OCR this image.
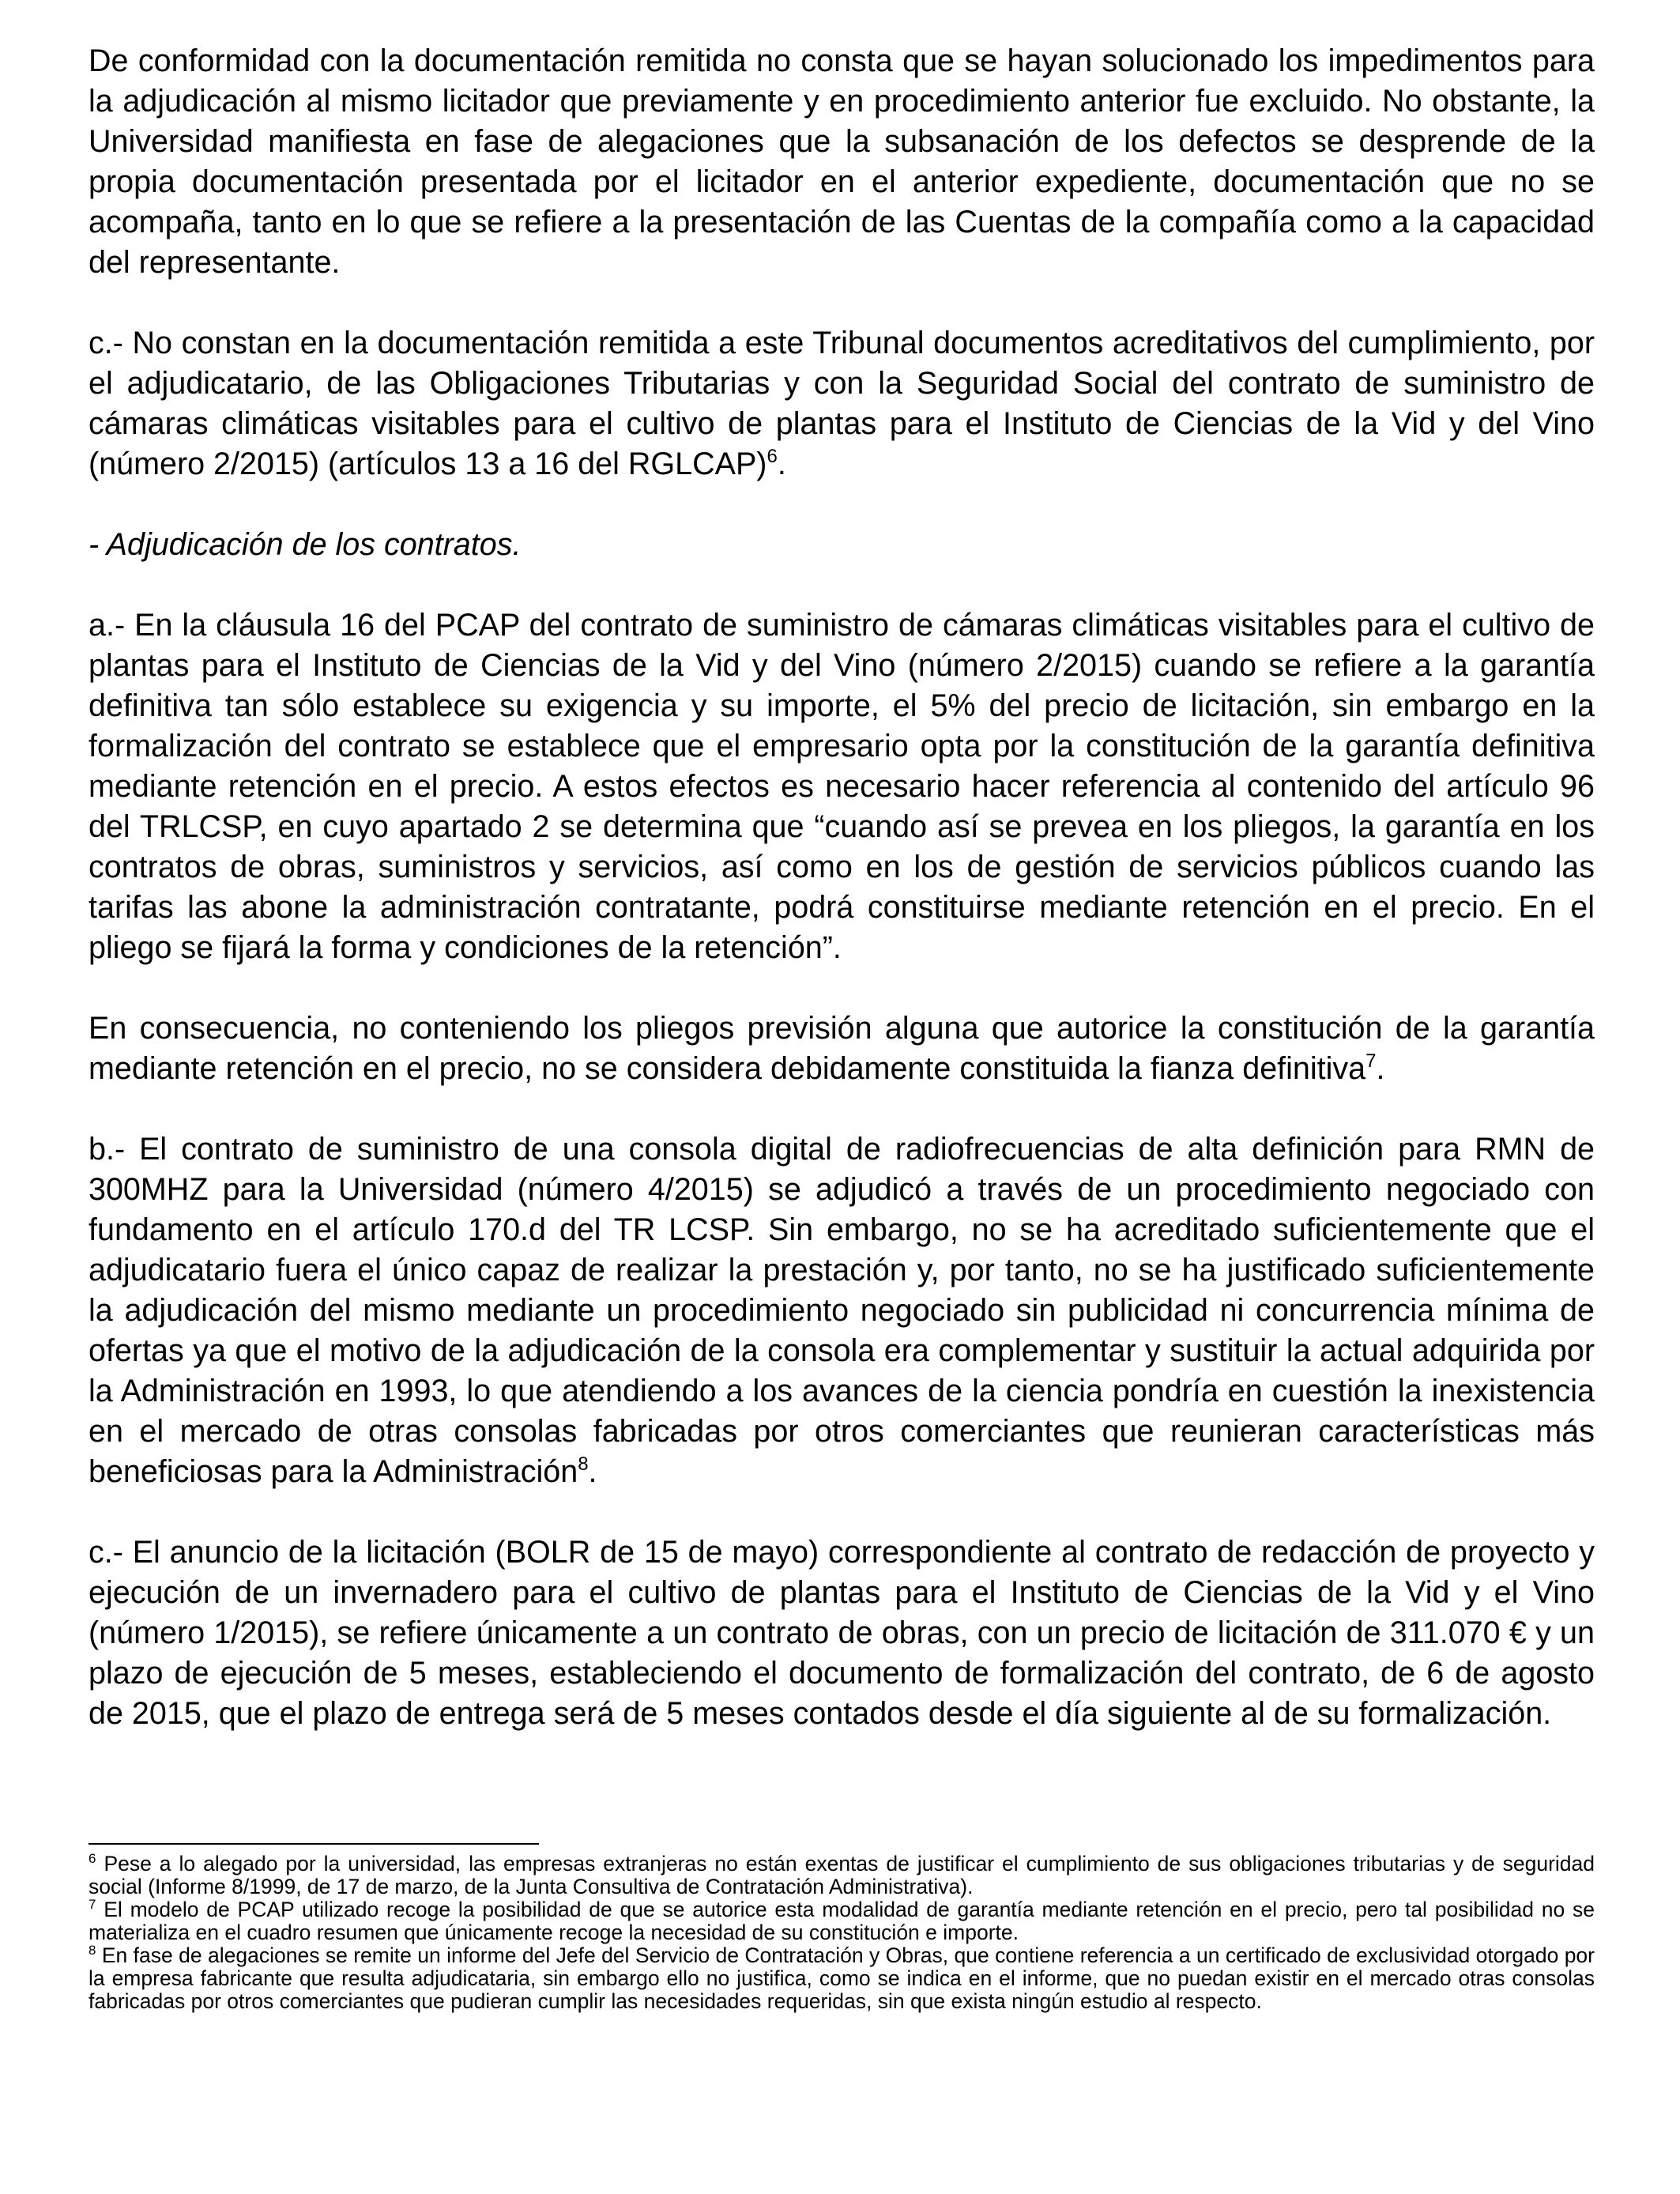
De conformidad con la documentación remitida no consta que se hayan solucionado los impedimentos para la adjudicación al mismo licitador que previamente y en procedimiento anterior fue excluido. No obstante, la Universidad manifiesta en fase de alegaciones que la subsanación de los defectos se desprende de la propia documentación presentada por el licitador en el anterior expediente, documentación que no se acompaña, tanto en lo que se refiere a la presentación de las Cuentas de la compañía como a la capacidad del representante.

c.- No constan en la documentación remitida a este Tribunal documentos acreditativos del cumplimiento, por el adjudicatario, de las Obligaciones Tributarias y con la Seguridad Social del contrato de suministro de cámaras climáticas visitables para el cultivo de plantas para el Instituto de Ciencias de la Vid y del Vino (número 2/2015) (artículos 13 a 16 del RGLCAP)$^6$.

- Adjudicación de los contratos.

a.- En la cláusula 16 del PCAP del contrato de suministro de cámaras climáticas visitables para el cultivo de plantas para el Instituto de Ciencias de la Vid y del Vino (número 2/2015) cuando se refiere a la garantía definitiva tan sólo establece su exigencia y su importe, el 5% del precio de licitación, sin embargo en la formalización del contrato se establece que el empresario opta por la constitución de la garantía definitiva mediante retención en el precio. A estos efectos es necesario hacer referencia al contenido del artículo 96 del TRLCSP, en cuyo apartado 2 se determina que “cuando así se prevea en los pliegos, la garantía en los contratos de obras, suministros y servicios, así como en los de gestión de servicios públicos cuando las tarifas las abone la administración contratante, podrá constituirse mediante retención en el precio. En el pliego se fijará la forma y condiciones de la retención”.

En consecuencia, no conteniendo los pliegos previsión alguna que autorice la constitución de la garantía mediante retención en el precio, no se considera debidamente constituida la fianza definitiva$^7$.

b.- El contrato de suministro de una consola digital de radiofrecuencias de alta definición para RMN de 300MHZ para la Universidad (número 4/2015) se adjudicó a través de un procedimiento negociado con fundamento en el artículo 170.d del TR LCSP. Sin embargo, no se ha acreditado suficientemente que el adjudicatario fuera el único capaz de realizar la prestación y, por tanto, no se ha justificado suficientemente la adjudicación del mismo mediante un procedimiento negociado sin publicidad ni concurrencia mínima de ofertas ya que el motivo de la adjudicación de la consola era complementar y sustituir la actual adquirida por la Administración en 1993, lo que atendiendo a los avances de la ciencia pondría en cuestión la inexistencia en el mercado de otras consolas fabricadas por otros comerciantes que reunieran características más beneficiosas para la Administración$^8$.

c.- El anuncio de la licitación (BOLR de 15 de mayo) correspondiente al contrato de redacción de proyecto y ejecución de un invernadero para el cultivo de plantas para el Instituto de Ciencias de la Vid y el Vino (número 1/2015), se refiere únicamente a un contrato de obras, con un precio de licitación de 311.070 € y un plazo de ejecución de 5 meses, estableciendo el documento de formalización del contrato, de 6 de agosto de 2015, que el plazo de entrega será de 5 meses contados desde el día siguiente al de su formalización.

$^6$ Pese a lo alegado por la universidad, las empresas extranjeras no están exentas de justificar el cumplimiento de sus obligaciones tributarias y de seguridad social (Informe 8/1999, de 17 de marzo, de la Junta Consultiva de Contratación Administrativa).

$^7$ El modelo de PCAP utilizado recoge la posibilidad de que se autorice esta modalidad de garantía mediante retención en el precio, pero tal posibilidad no se materializa en el cuadro resumen que únicamente recoge la necesidad de su constitución e importe.

$^8$ En fase de alegaciones se remite un informe del Jefe del Servicio de Contratación y Obras, que contiene referencia a un certificado de exclusividad otorgado por la empresa fabricante que resulta adjudicataria, sin embargo ello no justifica, como se indica en el informe, que no puedan existir en el mercado otras consolas fabricadas por otros comerciantes que pudieran cumplir las necesidades requeridas, sin que exista ningún estudio al respecto.
